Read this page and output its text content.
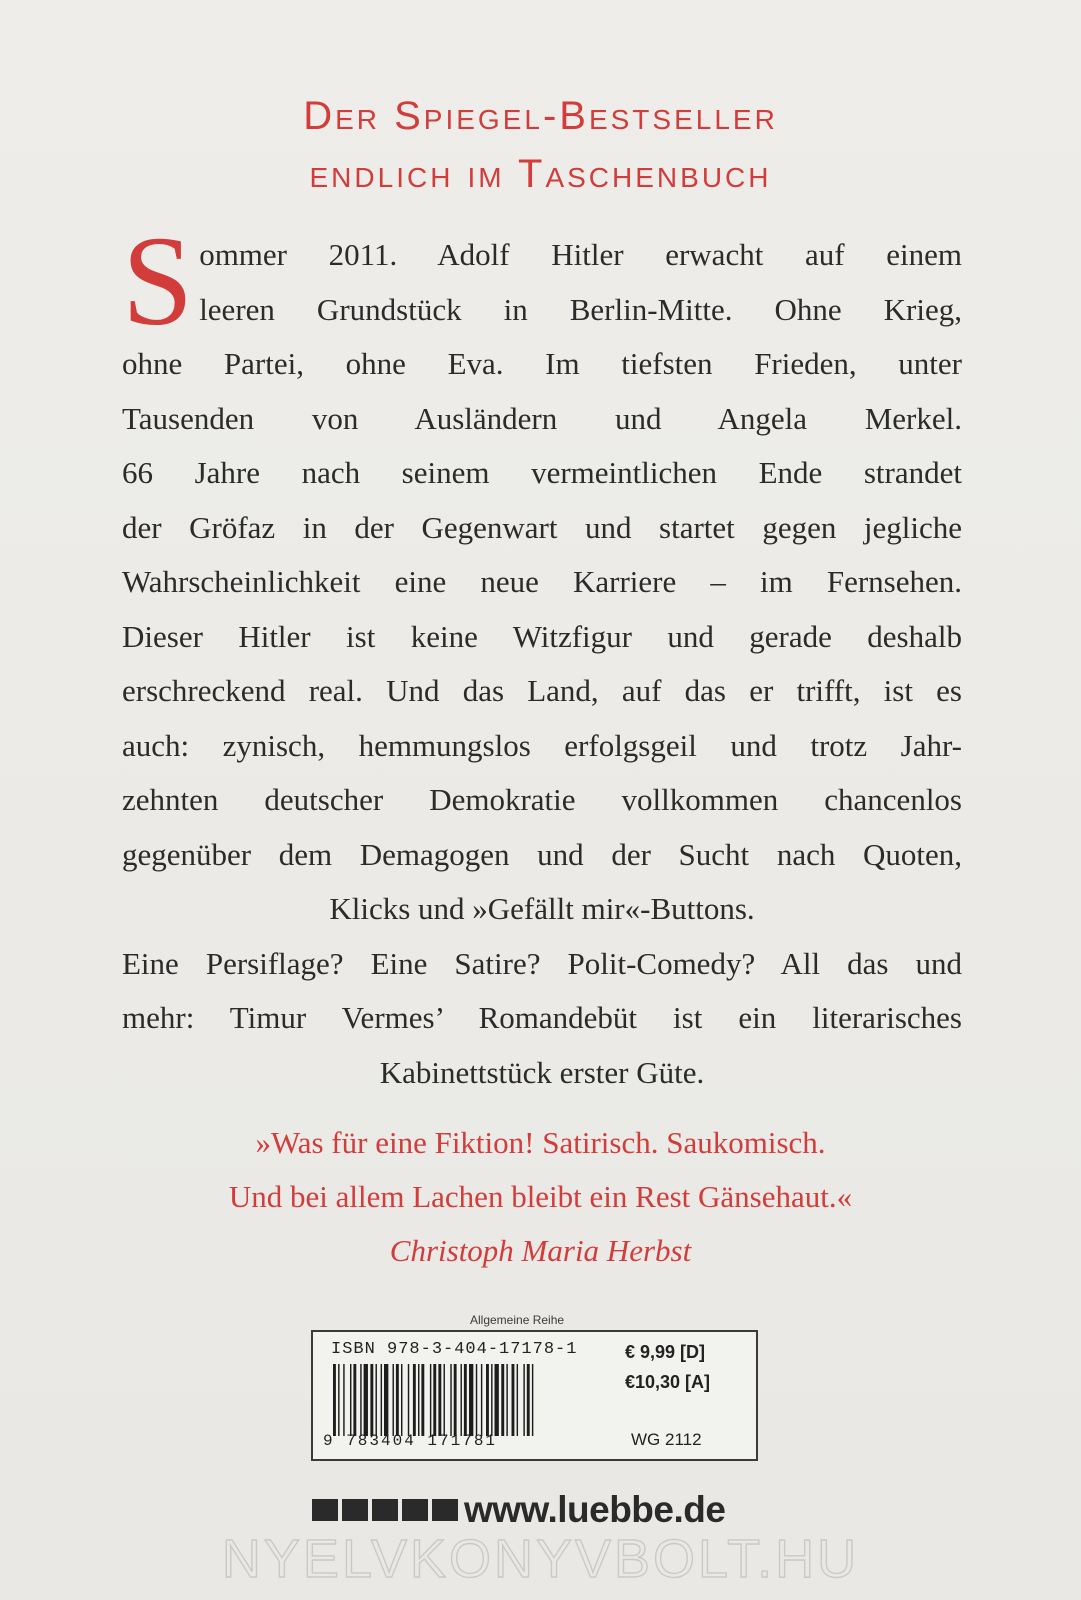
Der Spiegel-Bestseller
endlich im Taschenbuch
S ommer 2011. Adolf Hitler erwacht auf einem
leeren Grundstück in Berlin-Mitte. Ohne Krieg,
ohne Partei, ohne Eva. Im tiefsten Frieden, unter
Tausenden von Ausländern und Angela Merkel.
66 Jahre nach seinem vermeintlichen Ende strandet
der Gröfaz in der Gegenwart und startet gegen jegliche
Wahrscheinlichkeit eine neue Karriere – im Fernsehen.
Dieser Hitler ist keine Witzfigur und gerade deshalb
erschreckend real. Und das Land, auf das er trifft, ist es
auch: zynisch, hemmungslos erfolgsgeil und trotz Jahr-
zehnten deutscher Demokratie vollkommen chancenlos
gegenüber dem Demagogen und der Sucht nach Quoten,
Klicks und »Gefällt mir«-Buttons.
Eine Persiflage? Eine Satire? Polit-Comedy? All das und
mehr: Timur Vermes’ Romandebüt ist ein literarisches
Kabinettstück erster Güte.
»Was für eine Fiktion! Satirisch. Saukomisch.
Und bei allem Lachen bleibt ein Rest Gänsehaut.«
Christoph Maria Herbst
Allgemeine Reihe
ISBN 978-3-404-17178-1
9 783404 171781
€ 9,99 [D]
€10,30 [A]
WG 2112
www.luebbe.de
NYELVKONYVBOLT.HU
